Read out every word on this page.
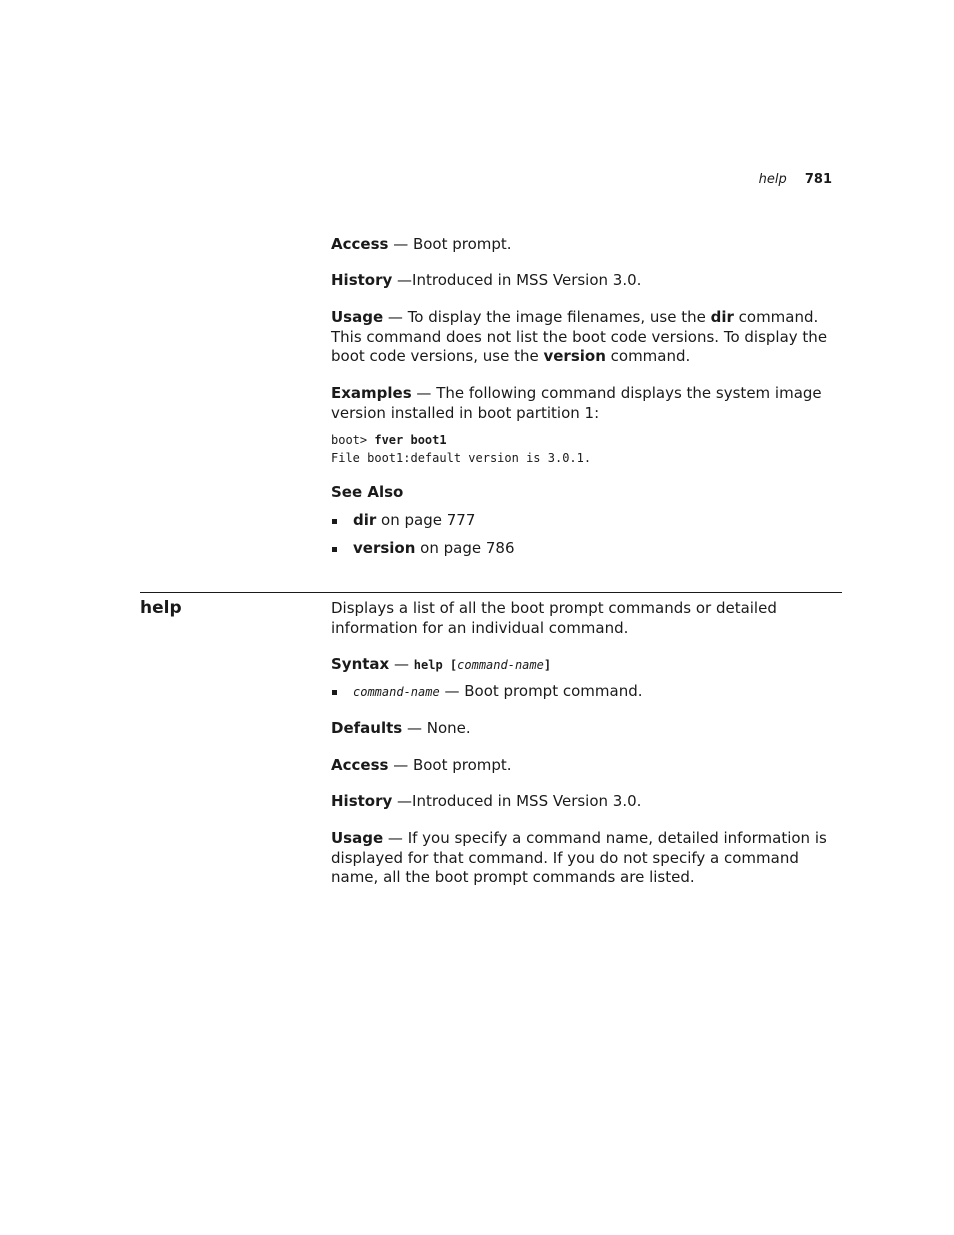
help 781

Access — Boot prompt.

History —Introduced in MSS Version 3.0.

Usage — To display the image filenames, use the dir command. This command does not list the boot code versions. To display the boot code versions, use the version command.

Examples — The following command displays the system image version installed in boot partition 1:

boot> fver boot1
File boot1:default version is 3.0.1.

See Also

dir on page 777
version on page 786
help	Displays a list of all the boot prompt commands or detailed information for an individual command.

Syntax — help [command-name]

command-name — Boot prompt command.

Defaults — None.

Access — Boot prompt.

History —Introduced in MSS Version 3.0.

Usage — If you specify a command name, detailed information is displayed for that command. If you do not specify a command name, all the boot prompt commands are listed.
